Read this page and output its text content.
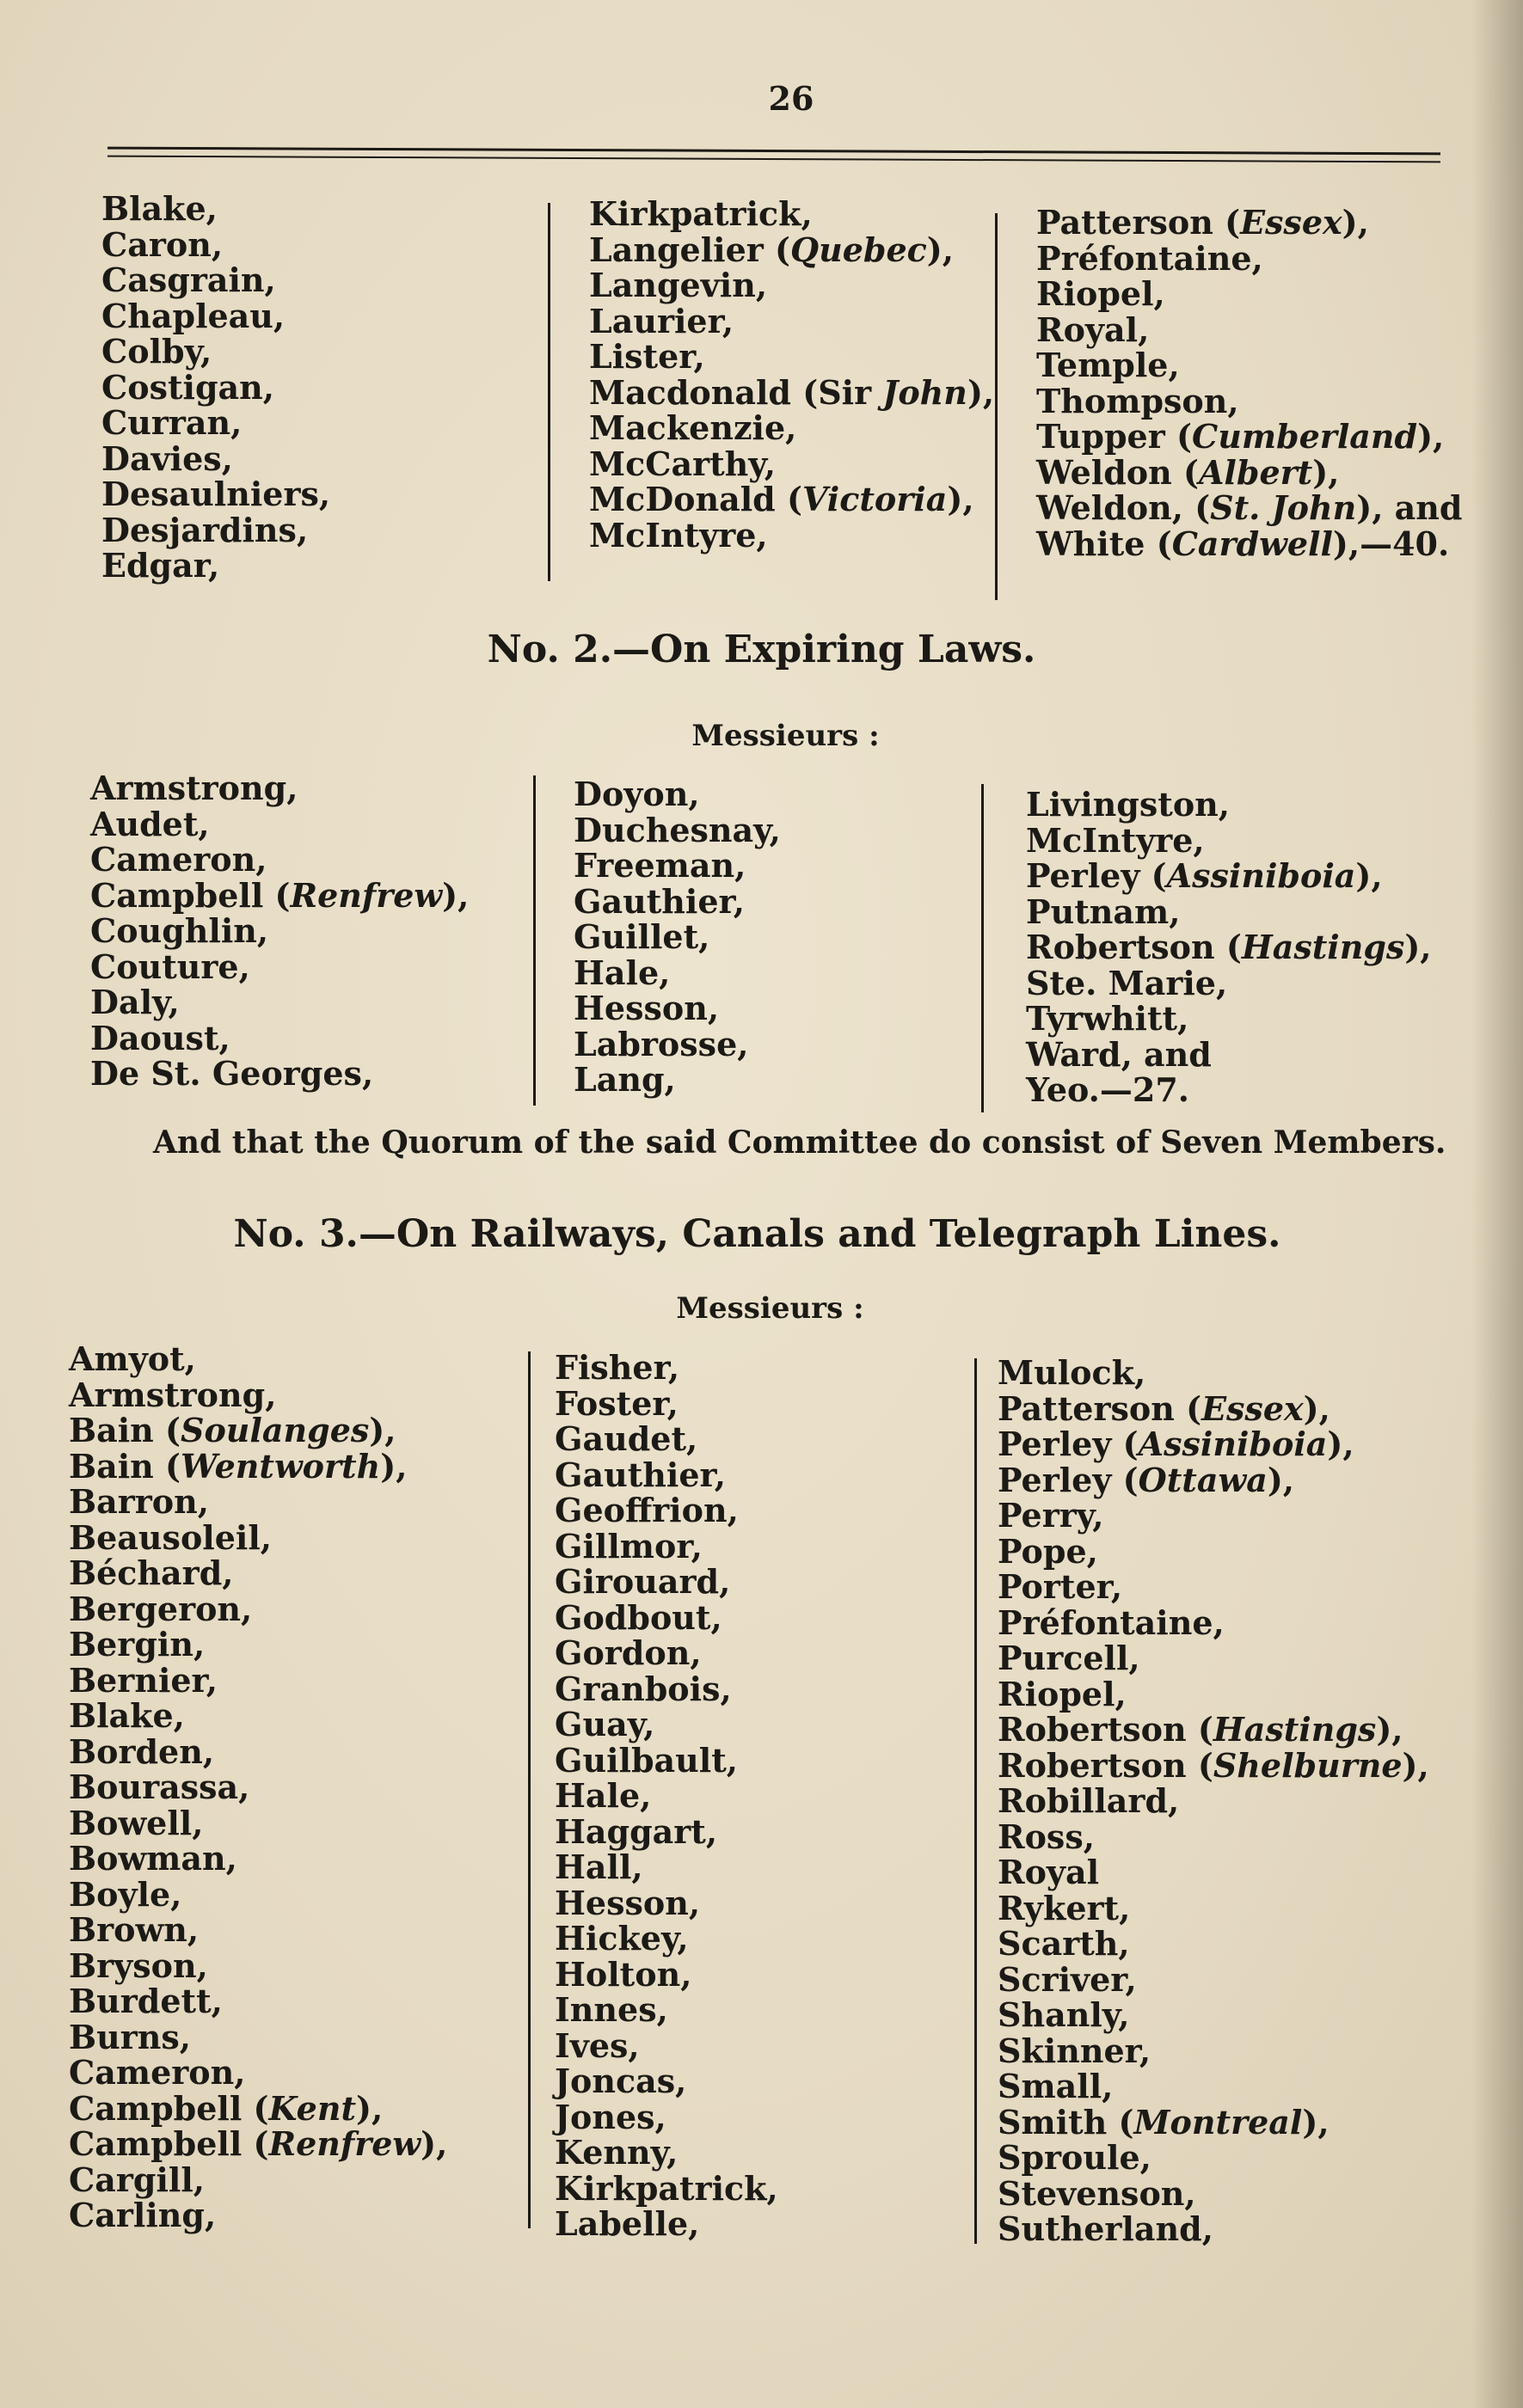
26
Blake,
Caron,
Casgrain,
Chapleau,
Colby,
Costigan,
Curran,
Davies,
Desaulniers,
Desjardins,
Edgar,
Kirkpatrick,
Langelier (Quebec),
Langevin,
Laurier,
Lister,
Macdonald (Sir John),
Mackenzie,
McCarthy,
McDonald (Victoria),
McIntyre,
Patterson (Essex),
Préfontaine,
Riopel,
Royal,
Temple,
Thompson,
Tupper (Cumberland),
Weldon (Albert),
Weldon, (St. John), and
White (Cardwell),—40.
No. 2.—On Expiring Laws.
Messieurs :
Armstrong,
Audet,
Cameron,
Campbell (Renfrew),
Coughlin,
Couture,
Daly,
Daoust,
De St. Georges,
Doyon,
Duchesnay,
Freeman,
Gauthier,
Guillet,
Hale,
Hesson,
Labrosse,
Lang,
Livingston,
McIntyre,
Perley (Assiniboia),
Putnam,
Robertson (Hastings),
Ste. Marie,
Tyrwhitt,
Ward, and
Yeo.—27.
And that the Quorum of the said Committee do consist of Seven Members.
No. 3.—On Railways, Canals and Telegraph Lines.
Messieurs :
Amyot,
Armstrong,
Bain (Soulanges),
Bain (Wentworth),
Barron,
Beausoleil,
Béchard,
Bergeron,
Bergin,
Bernier,
Blake,
Borden,
Bourassa,
Bowell,
Bowman,
Boyle,
Brown,
Bryson,
Burdett,
Burns,
Cameron,
Campbell (Kent),
Campbell (Renfrew),
Cargill,
Carling,
Fisher,
Foster,
Gaudet,
Gauthier,
Geoffrion,
Gillmor,
Girouard,
Godbout,
Gordon,
Granbois,
Guay,
Guilbault,
Hale,
Haggart,
Hall,
Hesson,
Hickey,
Holton,
Innes,
Ives,
Joncas,
Jones,
Kenny,
Kirkpatrick,
Labelle,
Mulock,
Patterson (Essex),
Perley (Assiniboia),
Perley (Ottawa),
Perry,
Pope,
Porter,
Préfontaine,
Purcell,
Riopel,
Robertson (Hastings),
Robertson (Shelburne),
Robillard,
Ross,
Royal
Rykert,
Scarth,
Scriver,
Shanly,
Skinner,
Small,
Smith (Montreal),
Sproule,
Stevenson,
Sutherland,
